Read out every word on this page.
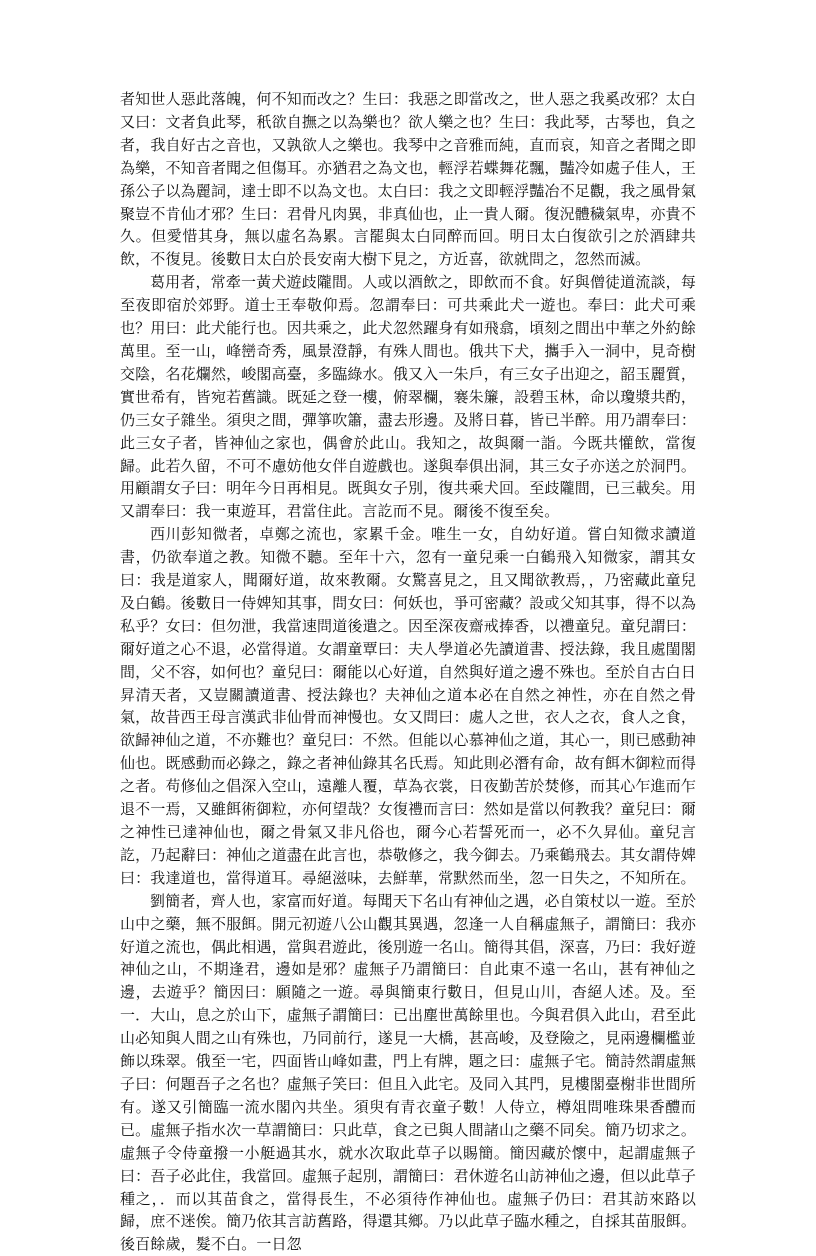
者知世人惡此落魄，何不知而改之？生曰：我惡之即當改之，世人惡之我奚改邪？太白又曰：文者負此琴，秖欲自撫之以為樂也？欲人樂之也？生曰：我此琴，古琴也，負之者，我自好古之音也，又孰欲人之樂也。我琴中之音雅而純，直而哀，知音之者聞之即為樂，不知音者聞之但傷耳。亦猶君之為文也，輕浮若蝶舞花飄，豔冷如處子佳人，王孫公子以為麗詞，達士即不以為文也。太白曰：我之文即輕浮豔冶不足觀，我之風骨氣聚豈不肯仙才邪？生曰：君骨凡肉異，非真仙也，止一貴人爾。復況體穢氣卑，亦貴不久。但愛惜其身，無以虛名為累。言罷與太白同醉而回。明日太白復欲引之於酒肆共飲，不復見。後數日太白於長安南大樹下見之，方近喜，欲就問之，忽然而滅。

葛用者，常牽一黃犬遊歧隴間。人或以酒飲之，即飲而不食。好與僧徒道流談，每至夜即宿於郊野。道士王奉敬仰焉。忽謂奉曰：可共乘此犬一遊也。奉曰：此犬可乘也？用曰：此犬能行也。因共乘之，此犬忽然躍身有如飛翕，頃刻之間出中華之外約餘萬里。至一山，峰巒奇秀，風景澄靜，有殊人間也。俄共下犬，攜手入一洞中，見奇樹交陰，名花爛然，峻閣高臺，多臨綠水。俄又入一朱戶，有三女子出迎之，韶玉麗質，實世希有，皆宛若舊識。既延之登一樓，俯翠欄，褰朱簾，設碧玉林，命以瓊漿共酌，仍三女子雜坐。須臾之間，彈箏吹簫，盡去形邊。及將日暮，皆已半醉。用乃謂奉曰：此三女子者，皆神仙之家也，偶會於此山。我知之，故與爾一詣。今既共懽飲，當復歸。此若久留，不可不慮妨他女伴自遊戲也。遂與奉俱出洞，其三女子亦送之於洞門。用顧謂女子曰：明年今日再相見。既與女子別，復共乘犬回。至歧隴間，已三載矣。用又謂奉曰：我一東遊耳，君當住此。言訖而不見。爾後不復至矣。

西川彭知微者，卓鄭之流也，家累千金。唯生一女，自幼好道。嘗白知微求讀道書，仍欲奉道之教。知微不聽。至年十六，忽有一童兒乘一白鶴飛入知微家，謂其女曰：我是道家人，聞爾好道，故來教爾。女驚喜見之，且又聞欲教焉，，乃密藏此童兒及白鶴。後數日一侍婢知其事，問女曰：何妖也，爭可密藏？設或父知其事，得不以為私乎？女曰：但勿泄，我當速問道後遣之。因至深夜齋戒捧香，以禮童兒。童兒謂曰：爾好道之心不退，必當得道。女謂童覃曰：夫人學道必先讀道書、授法錄，我且處閨閣間，父不容，如何也？童兒曰：爾能以心好道，自然與好道之邊不殊也。至於自古白日昇清天者，又豈關讀道書、授法錄也？夫神仙之道本必在自然之神性，亦在自然之骨氣，故昔西王母言漢武非仙骨而神慢也。女又問曰：處人之世，衣人之衣，食人之食，欲歸神仙之道，不亦難也？童兒曰：不然。但能以心慕神仙之道，其心一，則已感動神仙也。既感動而必錄之，錄之者神仙錄其名氏焉。知此則必潛有命，故有餌木御粒而得之者。苟修仙之倡深入空山，遠離人覆，草為衣裳，日夜勤苦於焚修，而其心乍進而乍退不一焉，又雖餌術御粒，亦何望哉？女復禮而言曰：然如是當以何教我？童兒曰：爾之神性已達神仙也，爾之骨氣又非凡俗也，爾今心若誓死而一，必不久昇仙。童兒言訖，乃起辭曰：神仙之道盡在此言也，恭敬修之，我今御去。乃乘鶴飛去。其女謂侍婢曰：我達道也，當得道耳。尋絕滋味，去鮮華，常默然而坐，忽一日失之，不知所在。

劉簡者，齊人也，家富而好道。每聞天下名山有神仙之遇，必自策杖以一遊。至於山中之藥，無不服餌。開元初遊八公山觀其異遇，忽逢一人自稱虛無子，謂簡曰：我亦好道之流也，偶此相遇，當與君遊此，後別遊一名山。簡得其倡，深喜，乃曰：我好遊神仙之山，不期逢君，邊如是邪？虛無子乃謂簡曰：自此東不遠一名山，甚有神仙之邊，去遊乎？簡因曰：願隨之一遊。尋與簡東行數日，但見山川，杳絕人述。及。至一．大山，息之於山下，虛無子謂簡曰：已出塵世萬餘里也。今與君俱入此山，君至此山必知與人間之山有殊也，乃同前行，遂見一大橋，甚高峻，及登險之，見兩邊欄檻並飾以珠翠。俄至一宅，四面皆山峰如畫，門上有牌，題之曰：虛無子宅。簡詩然謂虛無子曰：何題吾子之名也？虛無子笑曰：但且入此宅。及同入其門，見樓閣臺榭非世間所有。遂又引簡臨一流水閣內共坐。須臾有青衣童子數！人侍立，樽俎問唯珠果香醴而已。虛無子指水次一草謂簡曰：只此草，食之已與人間諸山之藥不同矣。簡乃切求之。虛無子令侍童撥一小艇過其水，就水次取此草子以賜簡。簡因藏於懷中，起謂虛無子曰：吾子必此住，我當回。虛無子起別，謂簡曰：君休遊名山訪神仙之邊，但以此草子種之，．而以其苗食之，當得長生，不必須待作神仙也。虛無子仍曰：君其訪來路以歸，庶不迷俟。簡乃依其言訪舊路，得還其鄉。乃以此草子臨水種之，自採其苗服餌。後百餘歲，髮不白。一日忽
